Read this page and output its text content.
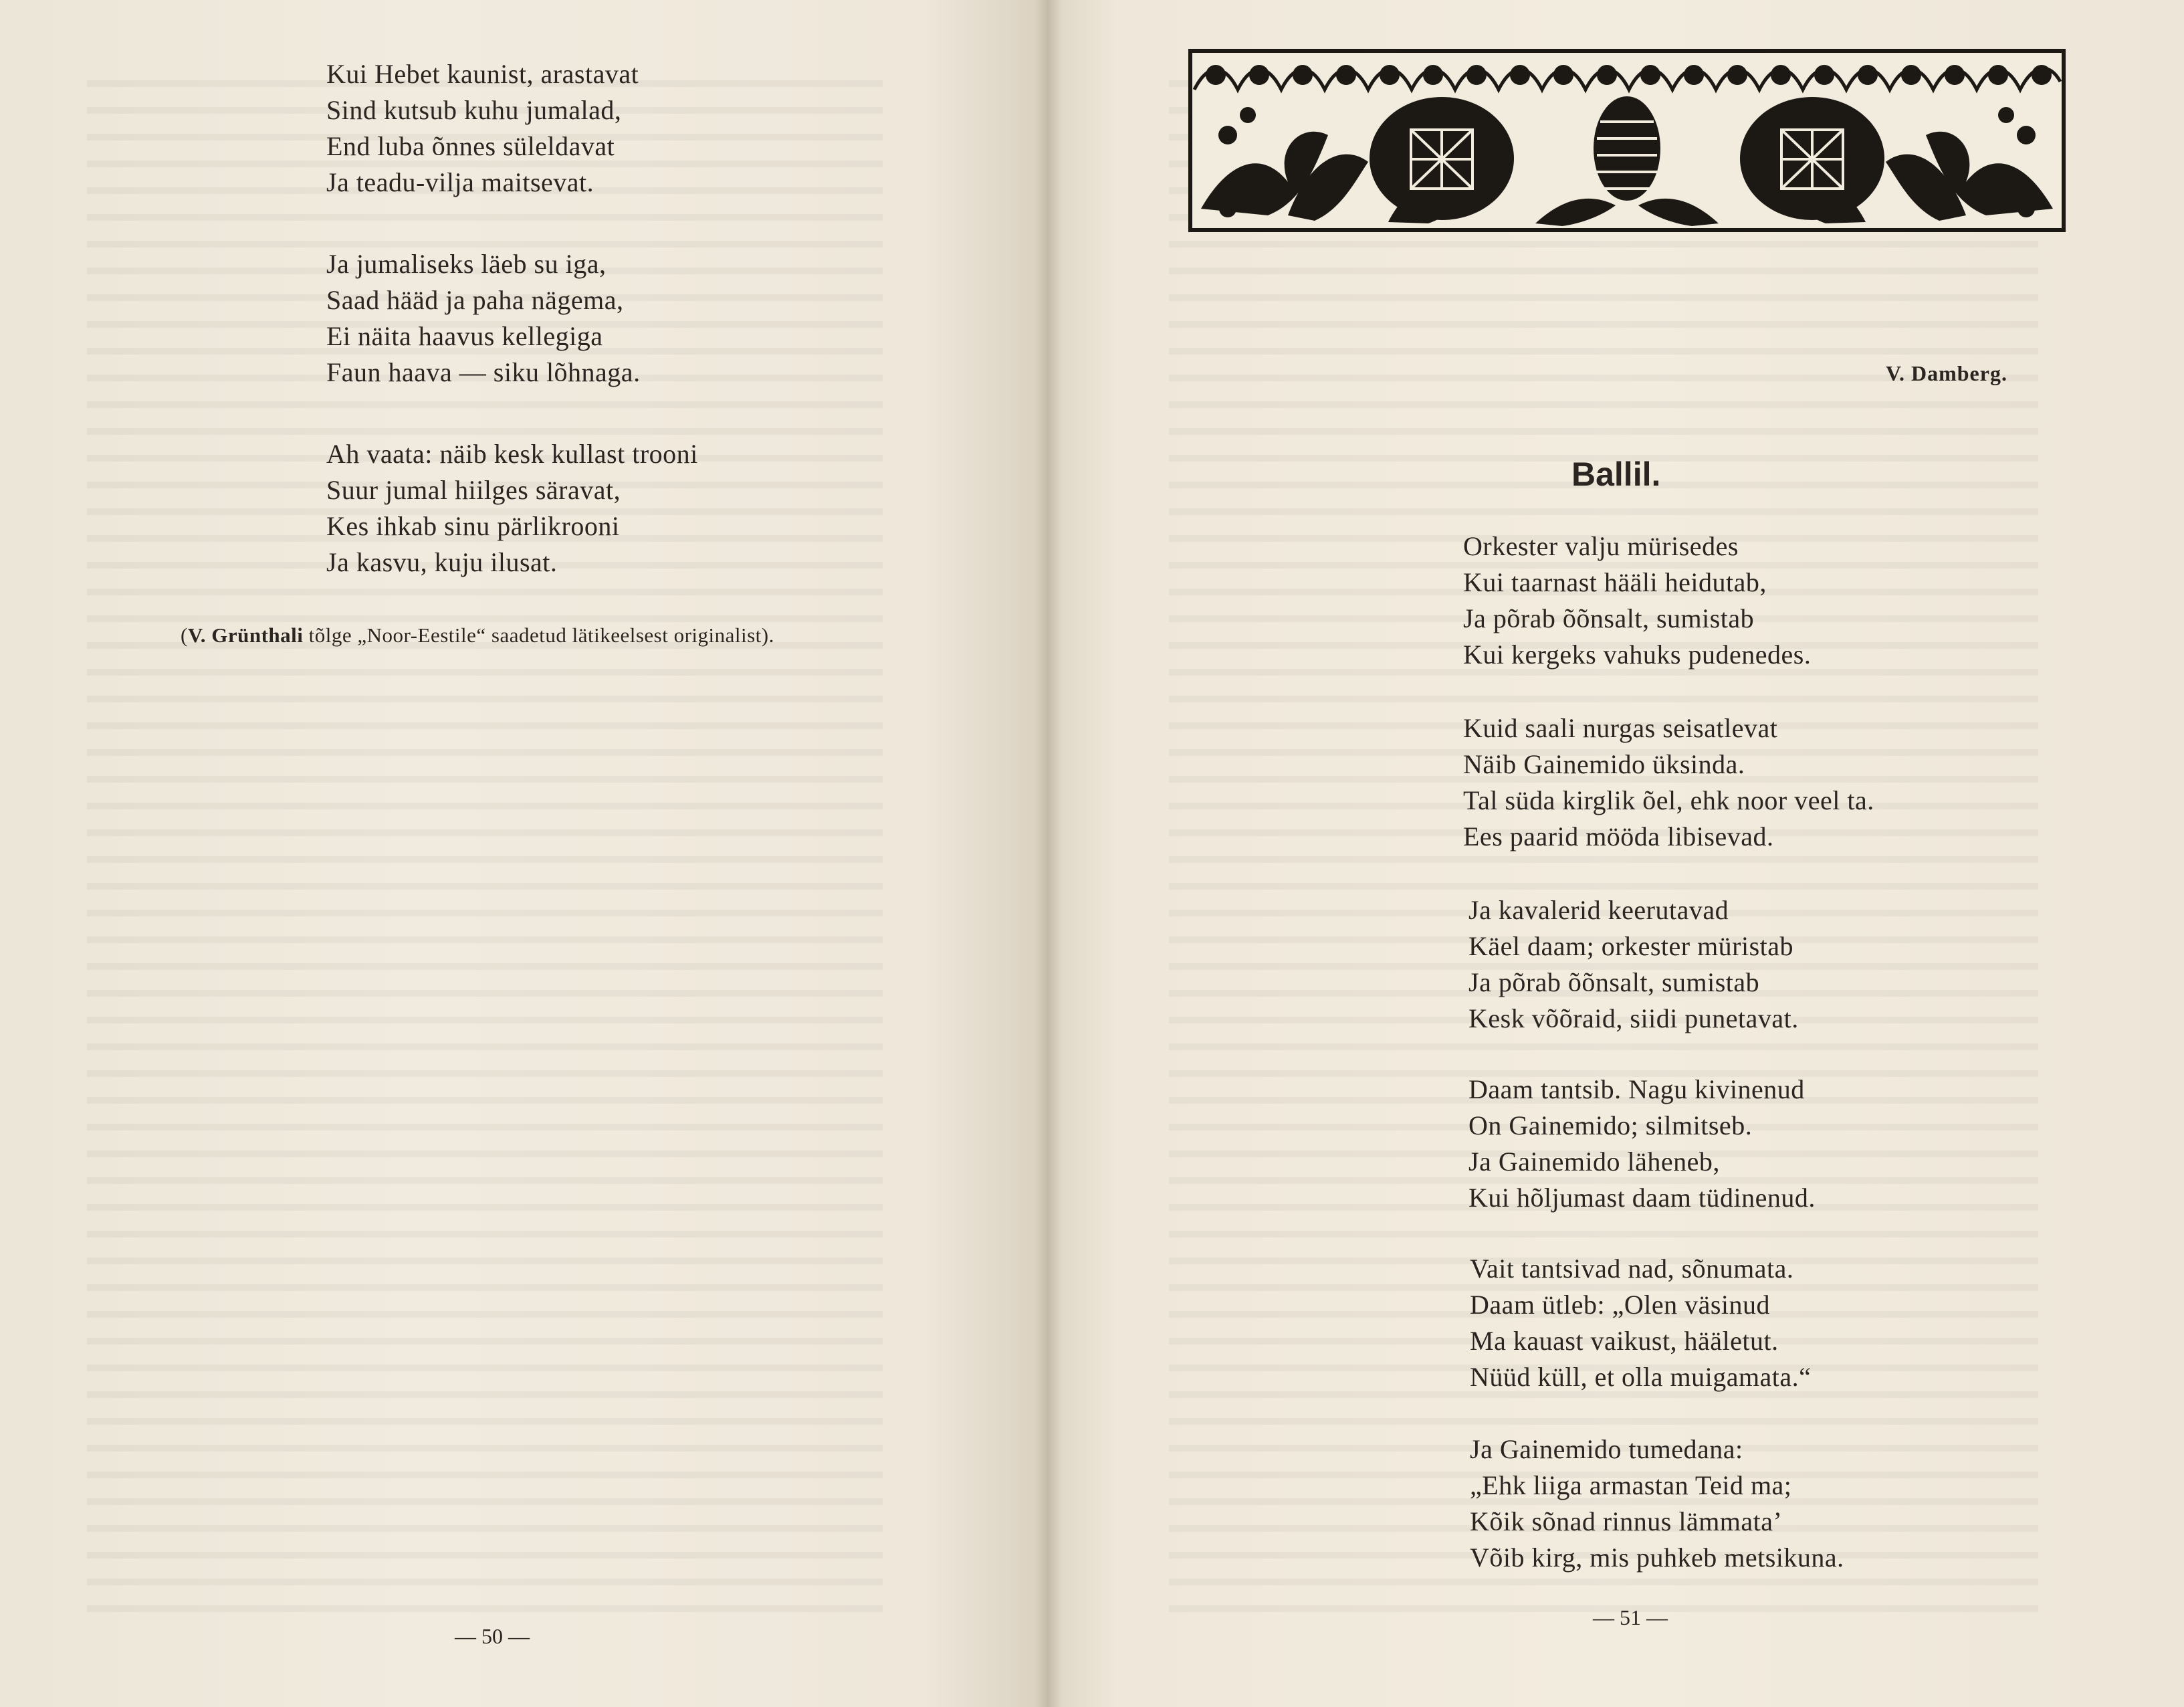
Kui Hebet kaunist, arastavat
Sind kutsub kuhu jumalad,
End luba õnnes süleldavat
Ja teadu-vilja maitsevat.
Ja jumaliseks läeb su iga,
Saad hääd ja paha nägema,
Ei näita haavus kellegiga
Faun haava — siku lõhnaga.
Ah vaata: näib kesk kullast trooni
Suur jumal hiilges säravat,
Kes ihkab sinu pärlikrooni
Ja kasvu, kuju ilusat.
(V. Grünthali tõlge „Noor-Eestile“ saadetud lätikeelsest originalist).
— 50 —
V. Damberg.
Ballil.
Orkester valju mürisedes
Kui taarnast hääli heidutab,
Ja põrab õõnsalt, sumistab
Kui kergeks vahuks pudenedes.
Kuid saali nurgas seisatlevat
Näib Gainemido üksinda.
Tal süda kirglik õel, ehk noor veel ta.
Ees paarid mööda libisevad.
Ja kavalerid keerutavad
Käel daam; orkester müristab
Ja põrab õõnsalt, sumistab
Kesk võõraid, siidi punetavat.
Daam tantsib. Nagu kivinenud
On Gainemido; silmitseb.
Ja Gainemido läheneb,
Kui hõljumast daam tüdinenud.
Vait tantsivad nad, sõnumata.
Daam ütleb: „Olen väsinud
Ma kauast vaikust, hääletut.
Nüüd küll, et olla muigamata.“
Ja Gainemido tumedana:
„Ehk liiga armastan Teid ma;
Kõik sõnad rinnus lämmata’
Võib kirg, mis puhkeb metsikuna.
— 51 —
